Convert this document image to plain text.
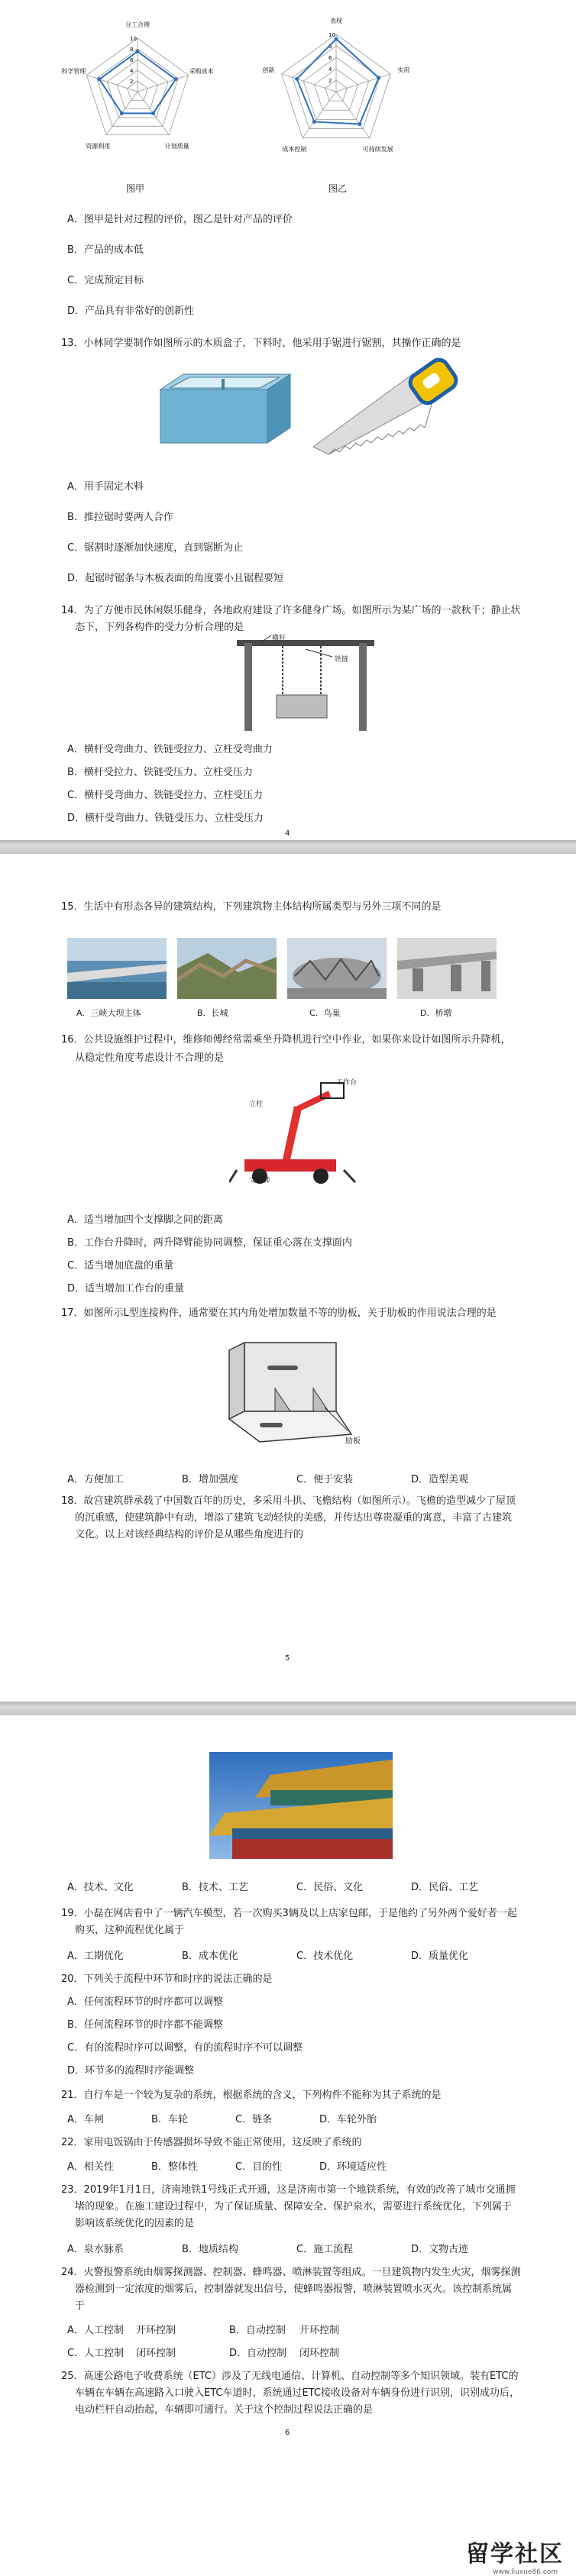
分工合理
采购成本
计划质量
资源利用
科学管理
10
8
6
4
2
表现
实用
可持续发展
成本控制
创新
10
8
6
4
2
图甲	图乙
A．图甲是针对过程的评价，图乙是针对产品的评价
B．产品的成本低
C．完成预定目标
D．产品具有非常好的创新性
13．小林同学要制作如图所示的木质盒子，下料时，他采用手锯进行锯割，其操作正确的是
A．用手固定木料
B．推拉锯时要两人合作
C．锯割时逐渐加快速度，直到锯断为止
D．起锯时锯条与木板表面的角度要小且锯程要短
14．为了方便市民休闲娱乐健身，各地政府建设了许多健身广场。如图所示为某广场的一款秋千；静止状
态下，下列各构件的受力分析合理的是
横杆
铁链
A．横杆受弯曲力、铁链受拉力、立柱受弯曲力
B．横杆受拉力、铁链受压力、立柱受压力
C．横杆受弯曲力、铁链受拉力、立柱受压力
D．横杆受弯曲力、铁链受压力、立柱受压力
4
15．生活中有形态各异的建筑结构，下列建筑物主体结构所属类型与另外三项不同的是
A．三峡大坝主体	B．长城	C．鸟巢	D．桥墩
16．公共设施维护过程中，维修师傅经常需乘坐升降机进行空中作业，如果你来设计如图所示升降机，
从稳定性角度考虑设计不合理的是
工作台
立柱
支撑脚
A．适当增加四个支撑脚之间的距离
B．工作台升降时，两升降臂能协同调整，保证重心落在支撑面内
C．适当增加底盘的重量
D．适当增加工作台的重量
17．如图所示L型连接构件，通常要在其内角处增加数量不等的肋板，关于肋板的作用说法合理的是
肋板
A．方便加工	B．增加强度	C．便于安装	D．造型美观
18．故宫建筑群承载了中国数百年的历史，多采用斗拱、飞檐结构（如图所示）。飞檐的造型减少了屋顶
的沉重感，使建筑静中有动，增添了建筑飞动轻快的美感，并传达出尊贵凝重的寓意，丰富了古建筑
文化。以上对该经典结构的评价是从哪些角度进行的
5
A．技术、文化	B．技术、工艺	C．民俗、文化	D．民俗、工艺
19．小磊在网店看中了一辆汽车模型，若一次购买3辆及以上店家包邮，于是他约了另外两个爱好者一起
购买，这种流程优化属于
A．工期优化	B．成本优化	C．技术优化	D．质量优化
20．下列关于流程中环节和时序的说法正确的是
A．任何流程环节的时序都可以调整
B．任何流程环节的时序都不能调整
C．有的流程时序可以调整，有的流程时序不可以调整
D．环节多的流程时序能调整
21．自行车是一个较为复杂的系统，根据系统的含义，下列构件不能称为其子系统的是
A．车闸	B．车轮	C．链条	D．车轮外胎
22．家用电饭锅由于传感器损坏导致不能正常使用，这反映了系统的
A．相关性	B．整体性	C．目的性	D．环境适应性
23．2019年1月1日，济南地铁1号线正式开通，这是济南市第一个地铁系统，有效的改善了城市交通拥
堵的现象。在施工建设过程中，为了保证质量、保障安全、保护泉水，需要进行系统优化，下列属于
影响该系统优化的因素的是
A．泉水脉系	B．地质结构	C．施工流程	D．文物古迹
24．火警报警系统由烟雾探测器、控制器、蜂鸣器、喷淋装置等组成。一旦建筑物内发生火灾，烟雾探测
器检测到一定浓度的烟雾后，控制器就发出信号，使蜂鸣器报警，喷淋装置喷水灭火。该控制系统属
于
A．人工控制 开环控制	B．自动控制 开环控制
C．人工控制 闭环控制	D．自动控制 闭环控制
25．高速公路电子收费系统（ETC）涉及了无线电通信、计算机、自动控制等多个知识领域。装有ETC的
车辆在车辆在高速路入口驶入ETC车道时，系统通过ETC接收设备对车辆身份进行识别，识别成功后，
电动栏杆自动抬起，车辆即可通行。关于这个控制过程说法正确的是
6
留学社区
www.liuxue86.com
